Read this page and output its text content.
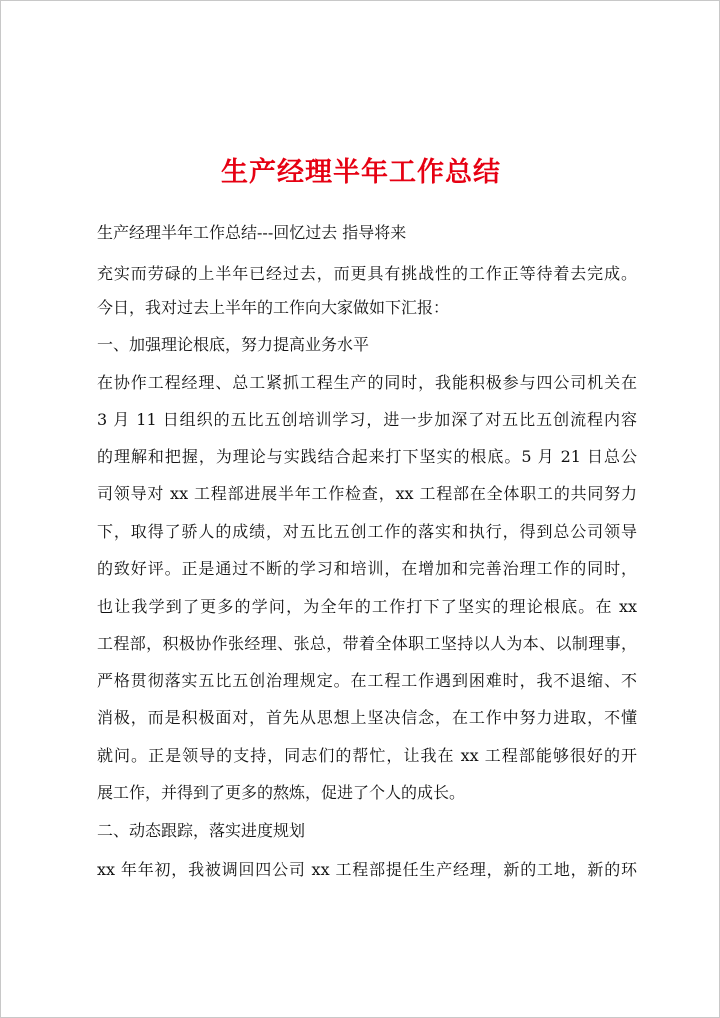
生产经理半年工作总结
生产经理半年工作总结---回忆过去 指导将来
充实而劳碌的上半年已经过去，而更具有挑战性的工作正等待着去完成。
今日，我对过去上半年的工作向大家做如下汇报：
一、加强理论根底，努力提高业务水平
在协作工程经理、总工紧抓工程生产的同时，我能积极参与四公司机关在
3 月 11 日组织的五比五创培训学习，进一步加深了对五比五创流程内容
的理解和把握，为理论与实践结合起来打下坚实的根底。5 月 21 日总公
司领导对 xx 工程部进展半年工作检查，xx 工程部在全体职工的共同努力
下，取得了骄人的成绩，对五比五创工作的落实和执行，得到总公司领导
的致好评。正是通过不断的学习和培训，在增加和完善治理工作的同时，
也让我学到了更多的学问，为全年的工作打下了坚实的理论根底。在 xx
工程部，积极协作张经理、张总，带着全体职工坚持以人为本、以制理事，
严格贯彻落实五比五创治理规定。在工程工作遇到困难时，我不退缩、不
消极，而是积极面对，首先从思想上坚决信念，在工作中努力进取，不懂
就问。正是领导的支持，同志们的帮忙，让我在 xx 工程部能够很好的开
展工作，并得到了更多的熬炼，促进了个人的成长。
二、动态跟踪，落实进度规划
xx 年年初，我被调回四公司 xx 工程部提任生产经理，新的工地，新的环
